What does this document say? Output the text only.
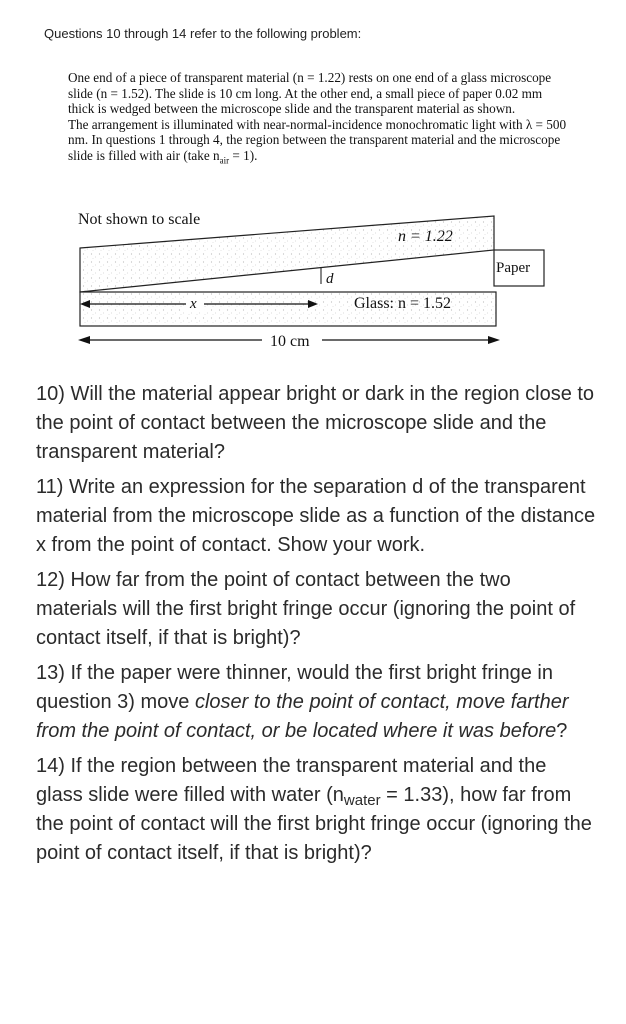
Questions 10 through 14 refer to the following problem:

One end of a piece of transparent material (n = 1.22) rests on one end of a glass microscope slide (n = 1.52). The slide is 10 cm long. At the other end, a small piece of paper 0.02 mm thick is wedged between the microscope slide and the transparent material as shown.

The arrangement is illuminated with near-normal-incidence monochromatic light with λ = 500 nm. In questions 1 through 4, the region between the transparent material and the microscope slide is filled with air (take $n_{air} = 1$).

Not shown to scale
Paper
n = 1.22
d
x	Glass: n = 1.52
10 cm

10) Will the material appear bright or dark in the region close to the point of contact between the microscope slide and the transparent material?

11) Write an expression for the separation d of the transparent material from the microscope slide as a function of the distance x from the point of contact. Show your work.

12) How far from the point of contact between the two materials will the first bright fringe occur (ignoring the point of contact itself, if that is bright)?

13) If the paper were thinner, would the first bright fringe in question 3) move closer to the point of contact, move farther from the point of contact, or be located where it was before?

14) If the region between the transparent material and the glass slide were filled with water $(n_{water} = 1.33)$, how far from the point of contact will the first bright fringe occur (ignoring the point of contact itself, if that is bright)?
